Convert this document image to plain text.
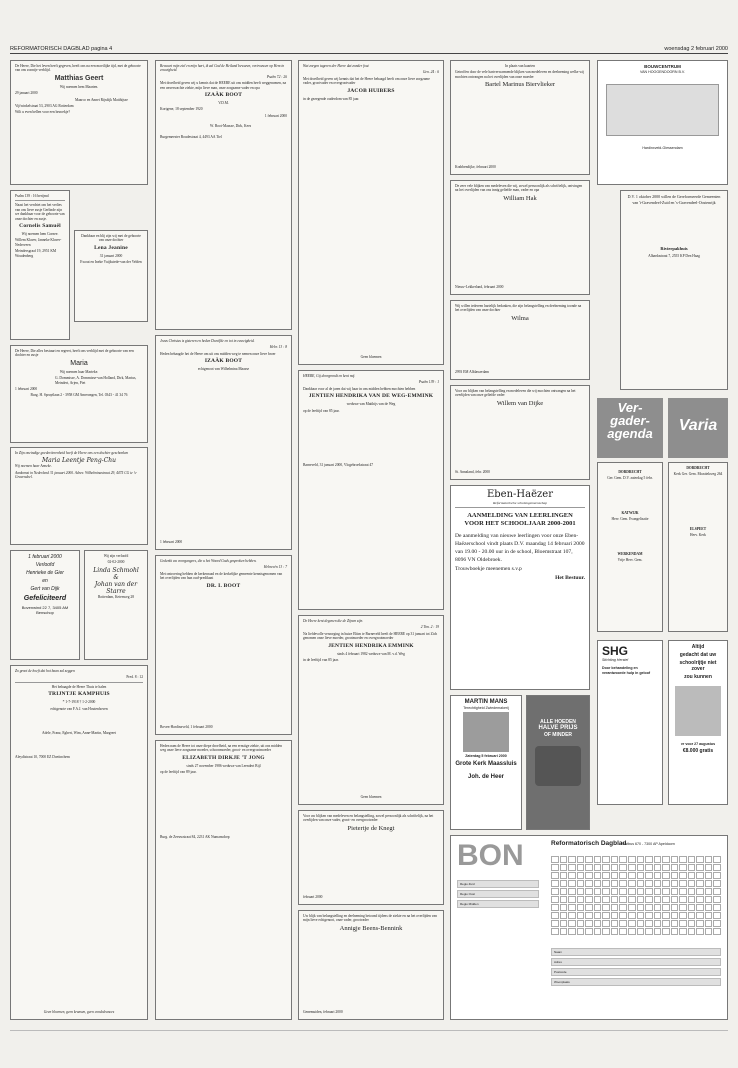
REFORMATORISCH DAGBLAD pagina 4	woensdag 2 februari 2000

De Heere, Die het leven heeft gegeven, heeft ons na een moeilijke tijd, met de geboorte van ons zoontje verblijd.

Matthias Geert

Wij noemen hem Maarten.

29 januari 2000

Maarco en Annet Rijsdijk Matthijsse

Vijfwinkelstraat 53, 2903 AG Rotterdam

Wilt u even bellen voor een bezoekje?

Psalm 139 : 16 berijmd

Naast het verdriet om het verlies van ons lieve zusje Gerlinde zijn we dankbaar voor de geboorte van onze dochter en zusje.

Cornelis Samuël

Wij noemen hem Cornee.

Willem Klaver, Janneke Klaver-Nederveen

Meindersgraaf 19, 2951 KM Woudenberg

Dankbaar en blij zijn wij met de geboorte van onze dochter

Lena Jeanine

31 januari 2000

Ewout en Ineke Vuijkstede-van der Velden

De Heere, Die alles bestuurt en regeert, heeft ons verblijd met de geboorte van een dochter en zusje

Maria

Wij noemen haar Marieke.

G. Dommisse, A. Dommisse-van Holland, Dirk, Marius, Meindert, Arjen, Piet

1 februari 2000

Burg. H. Spruytlaan 2 - 3958 GM Amerongen, Tel. 0343 - 41 34 76

In Zijn oneindige goedertierenheid heeft de Heere ons een dochter geschonken

Maria Leentje Peng-Chu

Wij noemen haar Anneke.

Aankomst in Nederland 31 januari 2000. Adres: Wilhelminastraat 29, 4475 CG te 's-Gravendeel.

1 februari 2000

Verloofd

Henrieke de Gier

en

Gert van Dijk

Gefeliciteerd

Bovenwind 22 7, 3405 AM Benschop

Wij zijn verloofd

02-02-2000

Linda Schmohl
&
Johan van der Starre

Rotterdam, Ketenweg 28

Zo groot de hoeft dat hot baan zal zeggen

Pred. 8 : 12

Het behaagde de Heere Thuis te halen

TRIJNTJE KAMPHUIS

* 1-7-1918 † 1-2-2000

echtgenote van F.A.J. van Houtenhoven

Adele, Franz, Egbert, Wim, Anne-Martin, Margreet

Aleydistraat 10, 7000 EZ Doetinchem

Geen bloemen, geen kransen, geen condoleances

Bewaart mijn ziel en mijn hart, ik zal God de Heiland bewaren, vertrouwen op Hem in eeuwigheid.

Psalm 72 : 26

Met droefheid geven wij u kennis dat de HEERE uit ons midden heeft weggenomen, na een onverwachte ziekte, mijn lieve man, onze zorgzame vader en opa

IZAÄK BOOT

V.D.M.

Kortgene, 18 september 1920

1 februari 2000

W. Boot-Maasse, Dirk, Kees

Burgemeester Boudestraat 4, 4493 AA Tiel

Jezus Christus is gisteren en heden Dezelfde en tot in eeuwigheid.

Hebr. 13 : 8

Heden behaagde het de Heere om uit ons midden weg te nemen onze lieve broer

IZAÄK BOOT

echtgenoot van Wilhelmina Maasse

1 februari 2000

Gedenkt uw voorgangers, die u het Woord Gods gesproken hebben.

Hebreeën 13 : 7

Met ontroering hebben de kerkenraad en de kerkelijke gemeente kennisgenomen van het overlijden van hun oud-predikant

DR. I. BOOT

Boven-Hardinxveld, 1 februari 2000

Heden nam de Heere tot onze diepe droefheid, na een ernstige ziekte, uit ons midden weg onze lieve zorgzame moeder, schoonmoeder, groot- en overgrootmoeder

ELIZABETH DIRKJE 'T JONG

sinds 27 november 1986 weduwe van Leendert Bijl

op de leeftijd van 89 jaar.

Burg. de Zeeuwstraat 84, 2231 AK Numansdorp

Wat zorgen tageren der Heere dat zonder fout

Gen. 24 : 6

Met droefheid geven wij kennis dat het de Heere behaagd heeft om onze lieve zorgzame vader, grootvader en overgrootvader

JACOB HUIBERS

in de gezegende ouderdom van 85 jaar.

Geen bloemen

HEERE, Gij doorgrondt en kent mij.

Psalm 139 : 1

Dankbaar voor al de jaren dat wij haar in ons midden hebben mochten hebben

JENTIEN HENDRIKA VAN DE WEG-EMMINK

weduwe van Matthijs van de Weg

op de leeftijd van 85 jaar.

Barneveld, 31 januari 2000, Vlogebroekstraat 47

De Heere kent degenen die de Zijnen zijn.

2 Tim. 2 : 19

Na liefdevolle verzorging in huize Eltim te Barneveld heeft de HEERE op 31 januari tot Zich genomen onze lieve moeder, grootmoeder en overgrootmoeder

JENTIEN HENDRIKA EMMINK

sinds 4 februari 1982 weduwe van M. v.d. Weg

in de leeftijd van 85 jaar.

Geen bloemen

Voor uw blijken van medeleven en belangstelling, zowel persoonlijk als schriftelijk, na het overlijden van onze vader, groot- en overgrootvader

Pietertje de Knegt

februari 2000

Uw blijk van belangstelling en deelneming betoond tijdens de ziekte en na het overlijden van mijn lieve echtgenoot, onze vader, grootvader

Annigje Beens-Bennink

Genemuiden, februari 2000

In plaats van kaarten

Getroffen door de vele hartverwarmende blijken van medeleven en deelneming welke wij mochten ontvangen na het overlijden van onze moeder

Bartel Marinus Biervlieker

Krabbendijke, februari 2000

De zeer vele blijken van medeleven die wij, zowel persoonlijk als schriftelijk, ontvingen na het overlijden van ons innig geliefde man, vader en opa

William Hak

Nieuw-Lekkerland, februari 2000

Wij willen iedereen hartelijk bedanken, die zijn belangstelling en deelneming toonde na het overlijden van onze dochter

Wilma

2993 EM Alblasserdam

Voor uw blijken van belangstelling en medeleven die wij mochten ontvangen na het overlijden van onze geliefde vader

Willem van Dijke

St. Annaland, febr. 2000

Eben-Haëzer

Reformatorische scholengemeenschap

AANMELDING VAN LEERLINGEN
VOOR HET SCHOOLJAAR 2000-2001

De aanmelding van nieuwe leerlingen voor onze Eben-Haëzerschool vindt plaats D.V. maandag 14 februari 2000 van 19.00 - 20.00 uur in de school, Bloemstraat 107, 8096 VN Oldebroek.

Trouwboekje meenemen s.v.p

Het Bestuur.

MARTIN MANS

Terechtigheid Zwiedemakerij

Zaterdag 5 februari 2000

Grote Kerk Maassluis
Joh. de Heer
ALLE HOEDEN
HALVE PRIJS
OF MINDER
BOUWCENTRUM

VAN HOOGENDOORN B.V.

Hardinxveld-Giessendam

D.V. 1 oktober 2000 willen de Gereformeerde Gemeenten van 't-Gravendeel-Zuid en 's-Gravendeel-Oostenrijk

Rivierpakhuis

Albardastraat 7, 2555 KP Den Haag

Ver-
gader-
agenda

DORDRECHT

Ger. Gem. D.V. zaterdag 5 febr.

KATWIJK

Herv. Gem. Evangelisatie

WERKENDAM

Vrije Herv. Gem.

SHG

Stichting Herstel

Door behandeling en verantwoorde hulp in geloof

Varia

DORDRECHT

Kerk Ger. Gem. Mozaïekweg 264

ELSPEET

Herv. Kerk

Altijd

gedacht dat uw

schoolrijtje niet zover

zou kunnen

vr voor 27 augustus

€8.000 gratis

BON	Reformatorisch Dagblad
Postbus 670 - 7300 AP Apeldoorn
Regio Zuid
Regio Oost
Regio Midden
Naam
Adres
Postcode
Woonplaats
